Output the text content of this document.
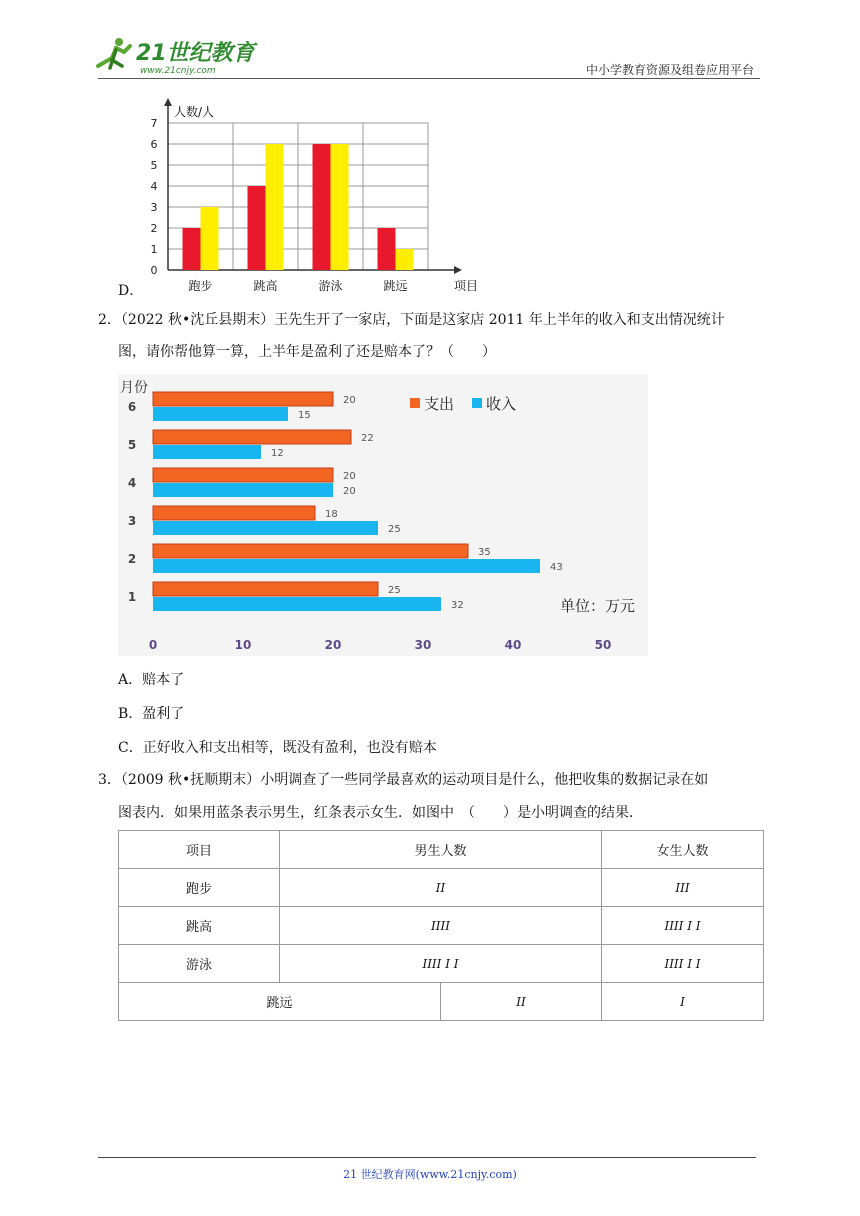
21世纪教育
www.21cnjy.com	中小学教育资源及组卷应用平台
0
1
2
3
4
5
6
7
人数/人
项目
跑步	跳高	游泳	跳远
D．
2．（2022 秋•沈丘县期末）王先生开了一家店，下面是这家店 2011 年上半年的收入和支出情况统计
图，请你帮他算一算，上半年是盈利了还是赔本了？（　　）
月份
1	25
32
2	35
43
3	18
25
4	20
20
5	22
12
6	20
15
0	10	20	30	40	50
支出 收入
单位：万元
A．赔本了
B．盈利了
C．正好收入和支出相等，既没有盈利，也没有赔本
3．（2009 秋•抚顺期末）小明调查了一些同学最喜欢的运动项目是什么，他把收集的数据记录在如
图表内．如果用蓝条表示男生，红条表示女生．如图中　（　　）是小明调查的结果．
项目	男生人数		女生人数
跑步	II		III
跳高	IIII		IIII I I
游泳	IIII I I		IIII I I
跳远		II	I
21 世纪教育网(www.21cnjy.com)
